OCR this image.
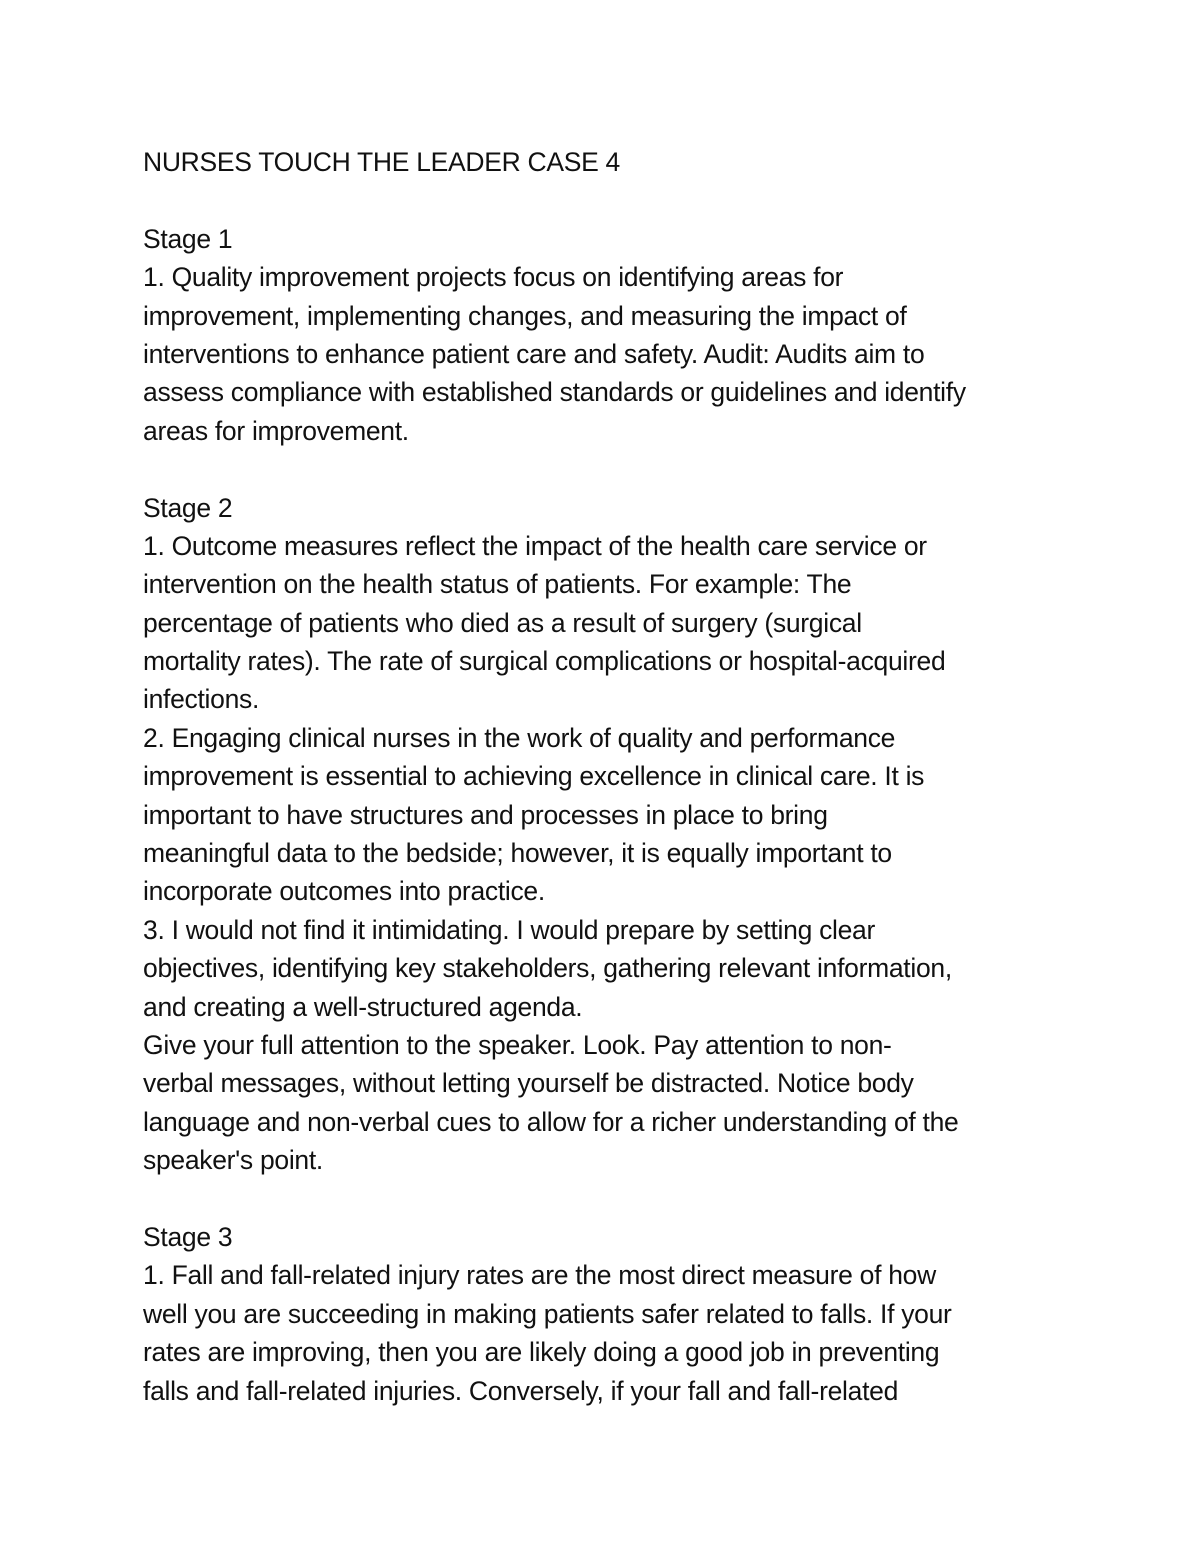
NURSES TOUCH THE LEADER CASE 4
Stage 1
1. Quality improvement projects focus on identifying areas for
improvement, implementing changes, and measuring the impact of
interventions to enhance patient care and safety. Audit: Audits aim to
assess compliance with established standards or guidelines and identify
areas for improvement.
Stage 2
1. Outcome measures reflect the impact of the health care service or
intervention on the health status of patients. For example: The
percentage of patients who died as a result of surgery (surgical
mortality rates). The rate of surgical complications or hospital-acquired
infections.
2. Engaging clinical nurses in the work of quality and performance
improvement is essential to achieving excellence in clinical care. It is
important to have structures and processes in place to bring
meaningful data to the bedside; however, it is equally important to
incorporate outcomes into practice.
3. I would not find it intimidating. I would prepare by setting clear
objectives, identifying key stakeholders, gathering relevant information,
and creating a well-structured agenda.
Give your full attention to the speaker. Look. Pay attention to non-
verbal messages, without letting yourself be distracted. Notice body
language and non-verbal cues to allow for a richer understanding of the
speaker's point.
Stage 3
1. Fall and fall-related injury rates are the most direct measure of how
well you are succeeding in making patients safer related to falls. If your
rates are improving, then you are likely doing a good job in preventing
falls and fall-related injuries. Conversely, if your fall and fall-related
